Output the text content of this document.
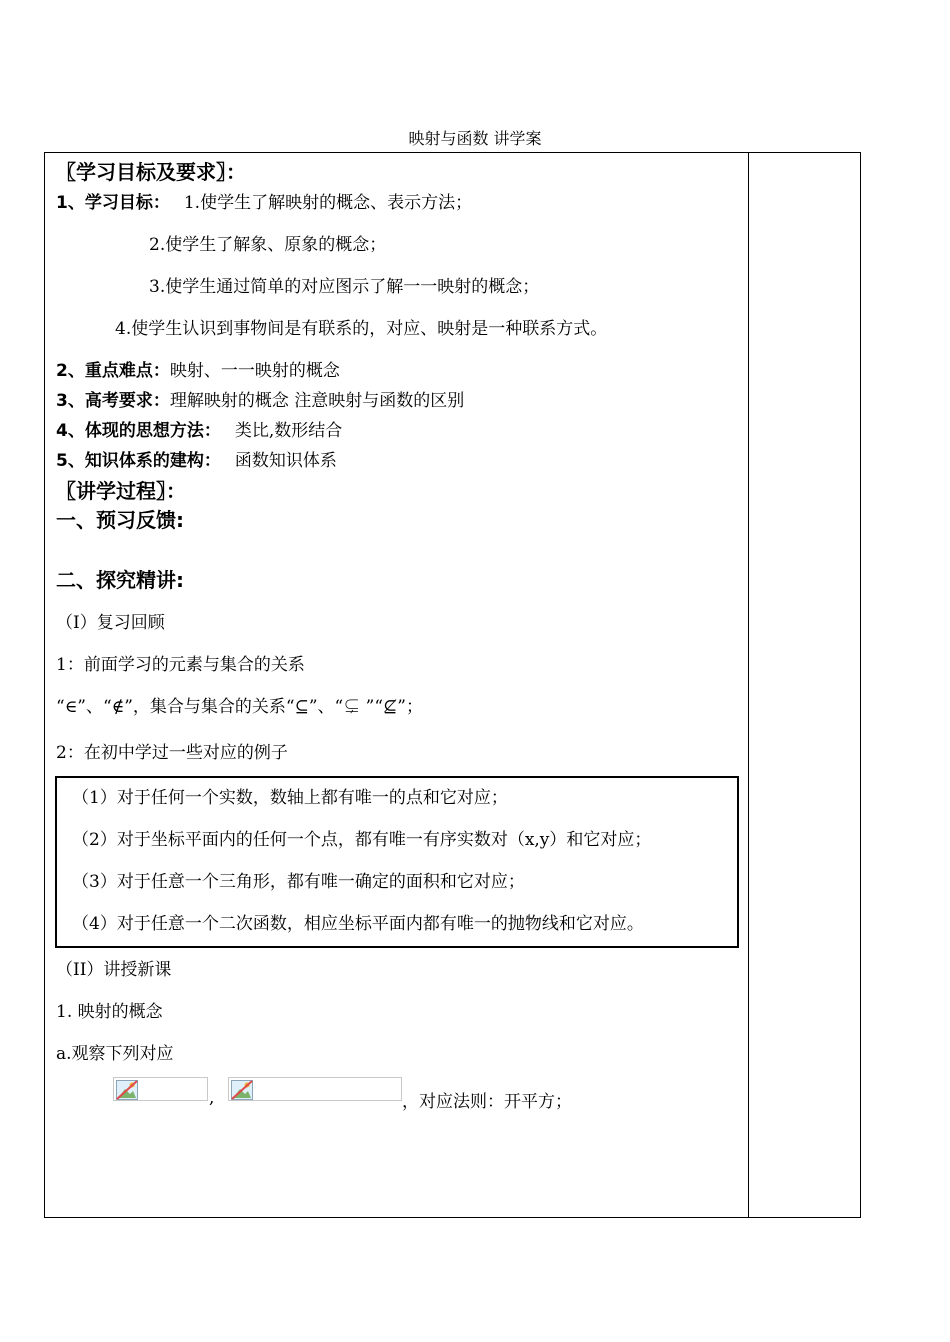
映射与函数 讲学案
〖学习目标及要求〗：
1、学习目标： 1.使学生了解映射的概念、表示方法；
2.使学生了解象、原象的概念；
3.使学生通过简单的对应图示了解一一映射的概念；
4.使学生认识到事物间是有联系的，对应、映射是一种联系方式。
2、重点难点：映射、一一映射的概念
3、高考要求：理解映射的概念 注意映射与函数的区别
4、体现的思想方法： 类比,数形结合
5、知识体系的建构： 函数知识体系
〖讲学过程〗：
一、预习反馈:
二、探究精讲:
（I）复习回顾
1：前面学习的元素与集合的关系
“∈”、“∉”，集合与集合的关系“⊆”、“⊊ ”“⊈”；
2：在初中学过一些对应的例子
（1）对于任何一个实数，数轴上都有唯一的点和它对应；
（2）对于坐标平面内的任何一个点，都有唯一有序实数对（x,y）和它对应；
（3）对于任意一个三角形，都有唯一确定的面积和它对应；
（4）对于任意一个二次函数，相应坐标平面内都有唯一的抛物线和它对应。
（II）讲授新课
1. 映射的概念
a.观察下列对应
,	，对应法则：开平方；
